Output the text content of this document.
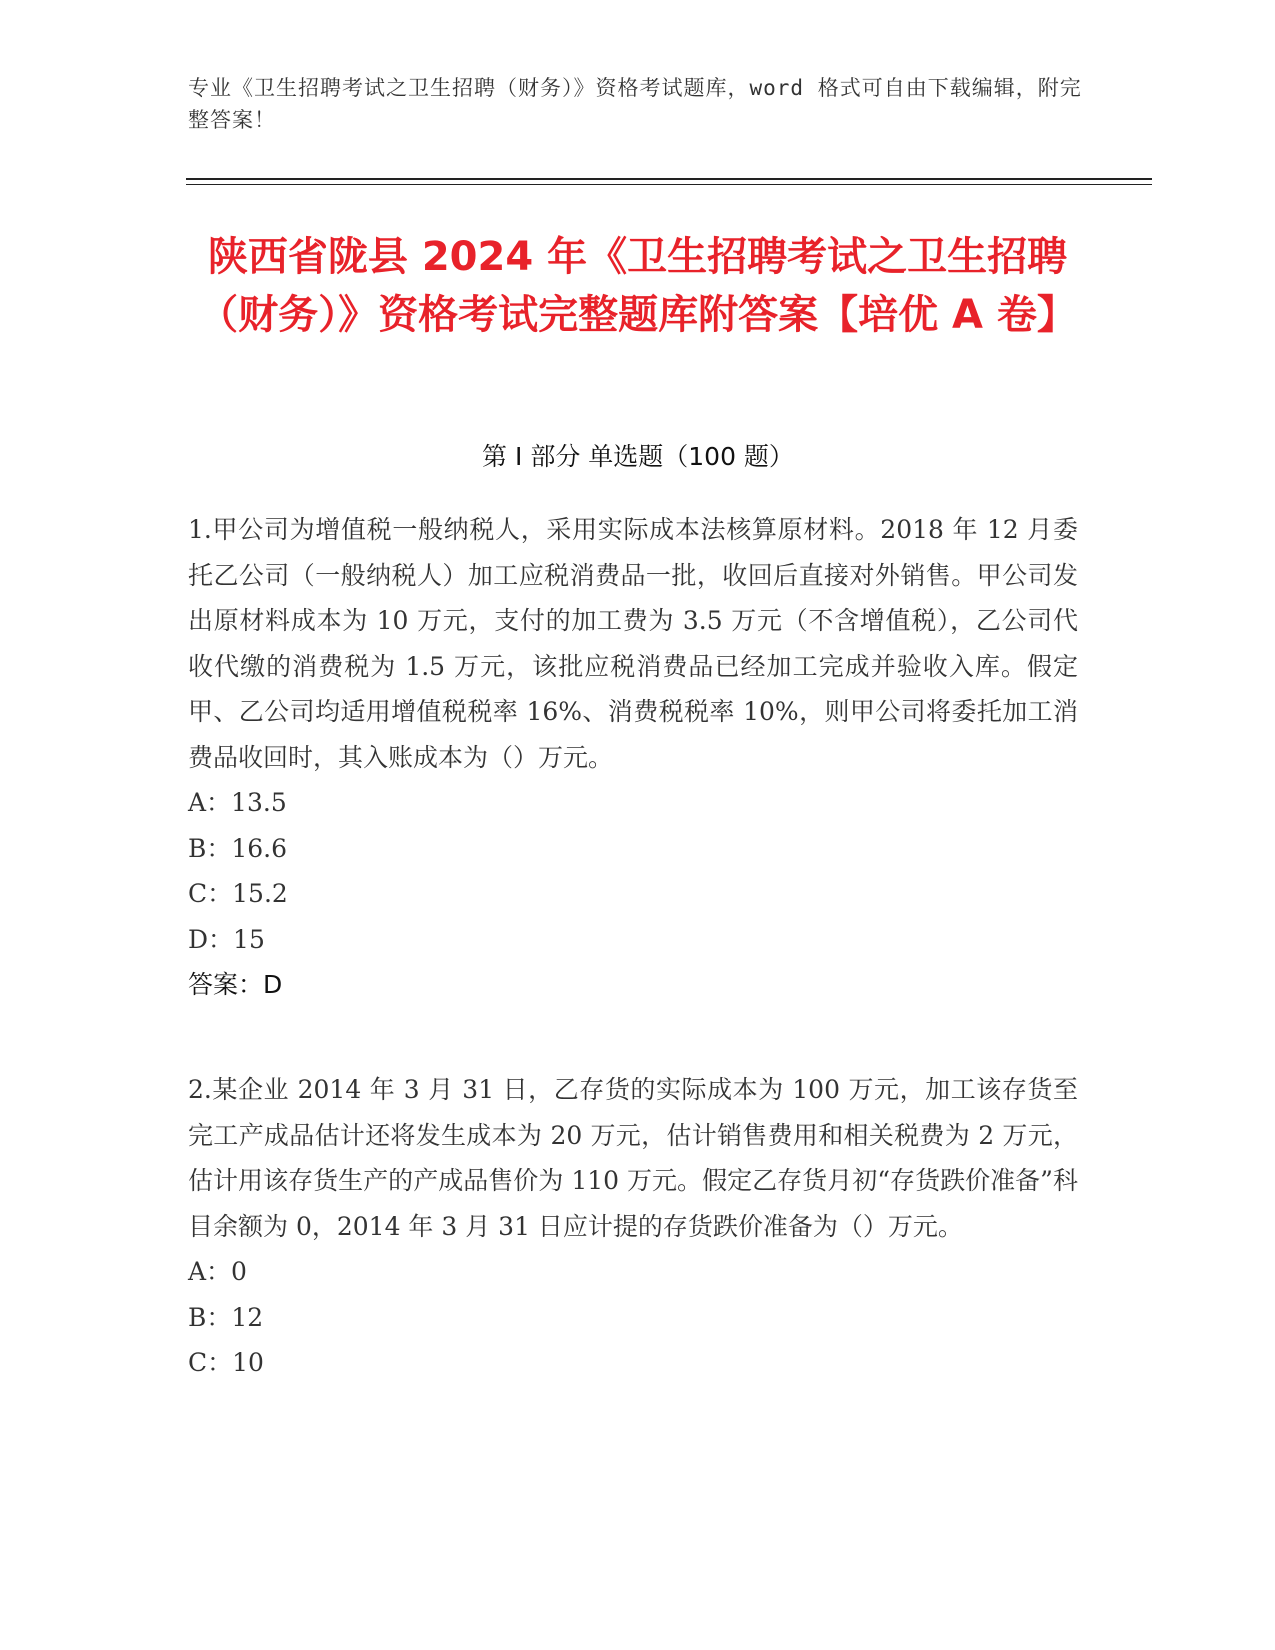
专业《卫生招聘考试之卫生招聘（财务）》资格考试题库，word 格式可自由下载编辑，附完整答案！
陕西省陇县 2024 年《卫生招聘考试之卫生招聘（财务）》资格考试完整题库附答案【培优 A 卷】
第 I 部分 单选题（100 题）

1.甲公司为增值税一般纳税人，采用实际成本法核算原材料。2018 年 12 月委托乙公司（一般纳税人）加工应税消费品一批，收回后直接对外销售。甲公司发出原材料成本为 10 万元，支付的加工费为 3.5 万元（不含增值税），乙公司代收代缴的消费税为 1.5 万元，该批应税消费品已经加工完成并验收入库。假定甲、乙公司均适用增值税税率 16%、消费税税率 10%，则甲公司将委托加工消费品收回时，其入账成本为（）万元。

A：13.5

B：16.6

C：15.2

D：15

答案：D

2.某企业 2014 年 3 月 31 日，乙存货的实际成本为 100 万元，加工该存货至完工产成品估计还将发生成本为 20 万元，估计销售费用和相关税费为 2 万元，估计用该存货生产的产成品售价为 110 万元。假定乙存货月初“存货跌价准备”科目余额为 0，2014 年 3 月 31 日应计提的存货跌价准备为（）万元。

A：0

B：12

C：10
